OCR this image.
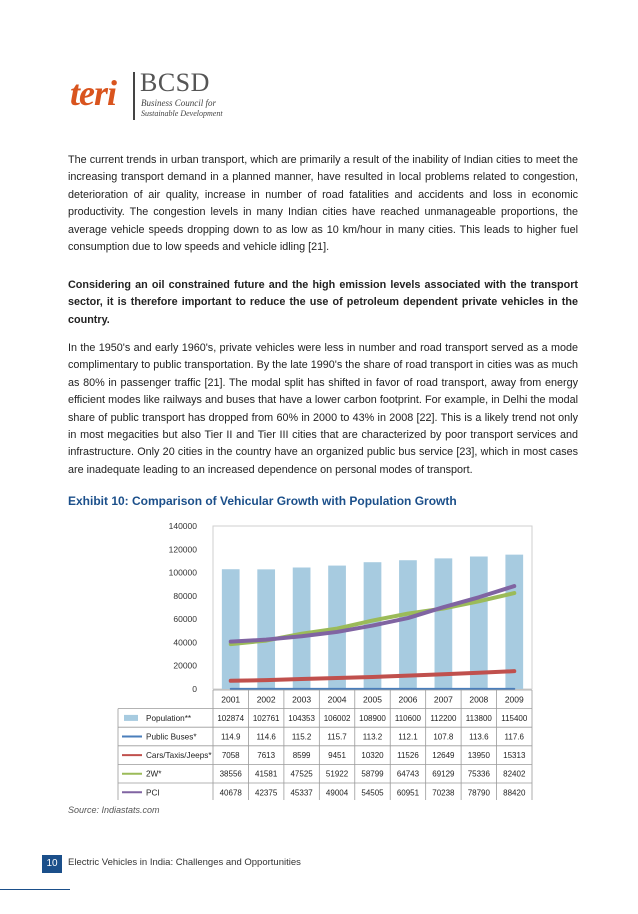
teri BCSD
Business Council for
Sustainable Development

The current trends in urban transport, which are primarily a result of the inability of Indian cities to meet the increasing transport demand in a planned manner, have resulted in local problems related to congestion, deterioration of air quality, increase in number of road fatalities and accidents and loss in economic productivity. The congestion levels in many Indian cities have reached unmanageable proportions, the average vehicle speeds dropping down to as low as 10 km/hour in many cities. This leads to higher fuel consumption due to low speeds and vehicle idling [21].

Considering an oil constrained future and the high emission levels associated with the transport sector, it is therefore important to reduce the use of petroleum dependent private vehicles in the country.

In the 1950's and early 1960's, private vehicles were less in number and road transport served as a mode complimentary to public transportation. By the late 1990's the share of road transport in cities was as much as 80% in passenger traffic [21]. The modal split has shifted in favor of road transport, away from energy efficient modes like railways and buses that have a lower carbon footprint. For example, in Delhi the modal share of public transport has dropped from 60% in 2000 to 43% in 2008 [22]. This is a likely trend not only in most megacities but also Tier II and Tier III cities that are characterized by poor transport services and infrastructure. Only 20 cities in the country have an organized public bus service [23], which in most cases are inadequate leading to an increased dependence on personal modes of transport.

Exhibit 10: Comparison of Vehicular Growth with Population Growth
0
20000
40000
60000
80000
100000
120000
140000
2001 2002 2003 2004 2005 2006 2007 2008 2009
Population**	102874 102761 104353 106002 108900 110600 112200 113800 115400
Public Buses*	114.9 114.6 115.2 115.7 113.2 112.1 107.8 113.6 117.6
Cars/Taxis/Jeeps* 7058 7613 8599 9451 10320 11526 12649 13950 15313
2W*	38556 41581 47525 51922 58799 64743 69129 75336 82402
PCI	40678 42375 45337 49004 54505 60951 70238 78790 88420
Source: Indiastats.com
10	Electric Vehicles in India: Challenges and Opportunities
